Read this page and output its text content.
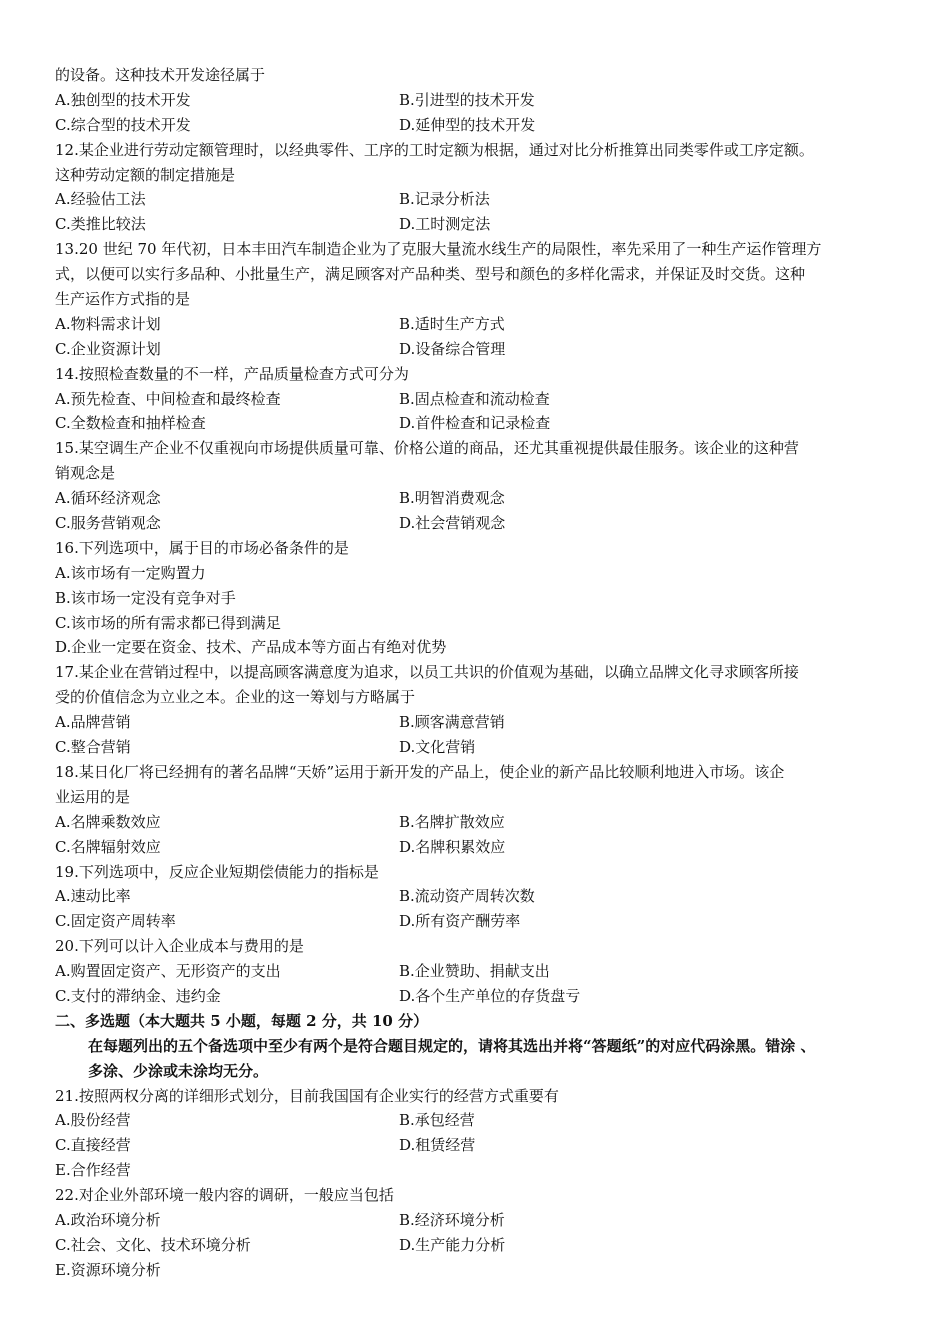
的设备。这种技术开发途径属于
A.独创型的技术开发	B.引进型的技术开发
C.综合型的技术开发	D.延伸型的技术开发
12.某企业进行劳动定额管理时，以经典零件、工序的工时定额为根据，通过对比分析推算出同类零件或工序定额。
这种劳动定额的制定措施是
A.经验估工法	B.记录分析法
C.类推比较法	D.工时测定法
13.20 世纪 70 年代初，日本丰田汽车制造企业为了克服大量流水线生产的局限性，率先采用了一种生产运作管理方
式，以便可以实行多品种、小批量生产，满足顾客对产品种类、型号和颜色的多样化需求，并保证及时交货。这种
生产运作方式指的是
A.物料需求计划	B.适时生产方式
C.企业资源计划	D.设备综合管理
14.按照检查数量的不一样，产品质量检查方式可分为
A.预先检查、中间检查和最终检查	B.固点检查和流动检查
C.全数检查和抽样检查	D.首件检查和记录检查
15.某空调生产企业不仅重视向市场提供质量可靠、价格公道的商品，还尤其重视提供最佳服务。该企业的这种营
销观念是
A.循环经济观念	B.明智消费观念
C.服务营销观念	D.社会营销观念
16.下列选项中，属于目的市场必备条件的是
A.该市场有一定购置力
B.该市场一定没有竞争对手
C.该市场的所有需求都已得到满足
D.企业一定要在资金、技术、产品成本等方面占有绝对优势
17.某企业在营销过程中，以提高顾客满意度为追求，以员工共识的价值观为基础，以确立品牌文化寻求顾客所接
受的价值信念为立业之本。企业的这一筹划与方略属于
A.品牌营销	B.顾客满意营销
C.整合营销	D.文化营销
18.某日化厂将已经拥有的著名品牌“天娇”运用于新开发的产品上，使企业的新产品比较顺利地进入市场。该企
业运用的是
A.名牌乘数效应	B.名牌扩散效应
C.名牌辐射效应	D.名牌积累效应
19.下列选项中，反应企业短期偿债能力的指标是
A.速动比率	B.流动资产周转次数
C.固定资产周转率	D.所有资产酬劳率
20.下列可以计入企业成本与费用的是
A.购置固定资产、无形资产的支出	B.企业赞助、捐献支出
C.支付的滞纳金、违约金	D.各个生产单位的存货盘亏
二、多选题（本大题共 5 小题，每题 2 分，共 10 分）
在每题列出的五个备选项中至少有两个是符合题目规定的，请将其选出并将“答题纸”的对应代码涂黑。错涂 、
多涂、少涂或未涂均无分。
21.按照两权分离的详细形式划分，目前我国国有企业实行的经营方式重要有
A.股份经营	B.承包经营
C.直接经营	D.租赁经营
E.合作经营
22.对企业外部环境一般内容的调研，一般应当包括
A.政治环境分析	B.经济环境分析
C.社会、文化、技术环境分析	D.生产能力分析
E.资源环境分析
